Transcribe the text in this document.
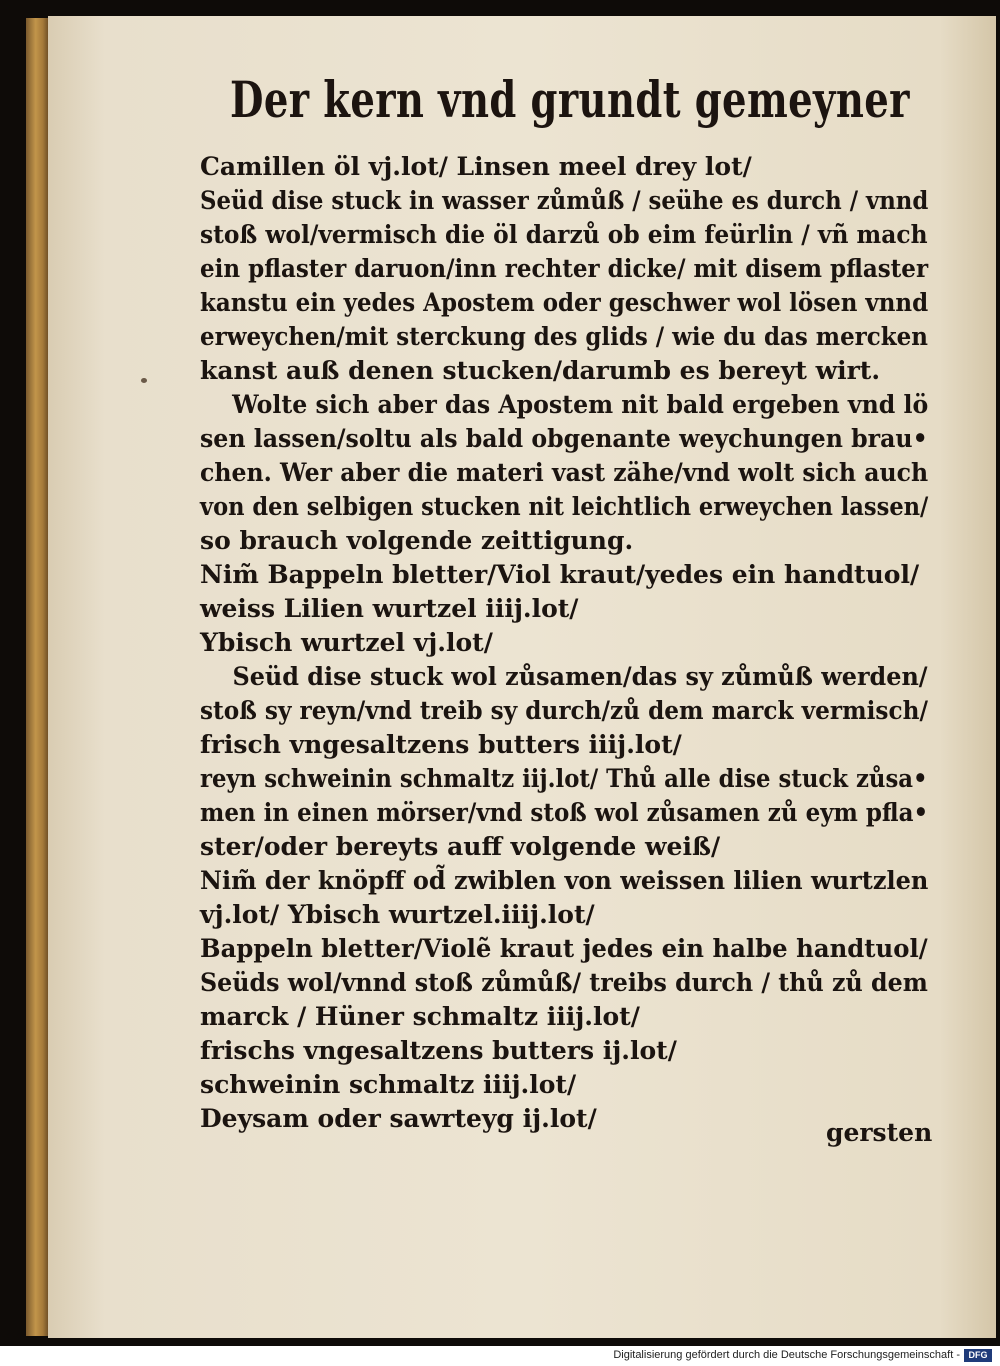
Der kern vnd grundt gemeyner
Camillen öl vj.lot/ Linsen meel drey lot/
Seüd dise stuck in wasser zůmůß / seühe es durch / vnnd
stoß wol/vermisch die öl darzů ob eim feürlin / vñ mach
ein pflaster daruon/inn rechter dicke/ mit disem pflaster
kanstu ein yedes Apostem oder geschwer wol lösen vnnd
erweychen/mit sterckung des glids / wie du das mercken
kanst auß denen stucken/darumb es bereyt wirt.
Wolte sich aber das Apostem nit bald ergeben vnd lö
sen lassen/soltu als bald obgenante weychungen brau•
chen. Wer aber die materi vast zähe/vnd wolt sich auch
von den selbigen stucken nit leichtlich erweychen lassen/
so brauch volgende zeittigung.
Nim̃ Bappeln bletter/Viol kraut/yedes ein handtuol/
weiss Lilien wurtzel iiij.lot/
Ybisch wurtzel vj.lot/
Seüd dise stuck wol zůsamen/das sy zůmůß werden/
stoß sy reyn/vnd treib sy durch/zů dem marck vermisch/
frisch vngesaltzens butters iiij.lot/
reyn schweinin schmaltz iij.lot/ Thů alle dise stuck zůsa•
men in einen mörser/vnd stoß wol zůsamen zů eym pfla•
ster/oder bereyts auff volgende weiß/
Nim̃ der knöpff od̃ zwiblen von weissen lilien wurtzlen
vj.lot/ Ybisch wurtzel.iiij.lot/
Bappeln bletter/Violẽ kraut jedes ein halbe handtuol/
Seüds wol/vnnd stoß zůmůß/ treibs durch / thů zů dem
marck / Hüner schmaltz iiij.lot/
frischs vngesaltzens butters ij.lot/
schweinin schmaltz iiij.lot/
Deysam oder sawrteyg ij.lot/	gersten
Digitalisierung gefördert durch die Deutsche Forschungsgemeinschaft - DFG
